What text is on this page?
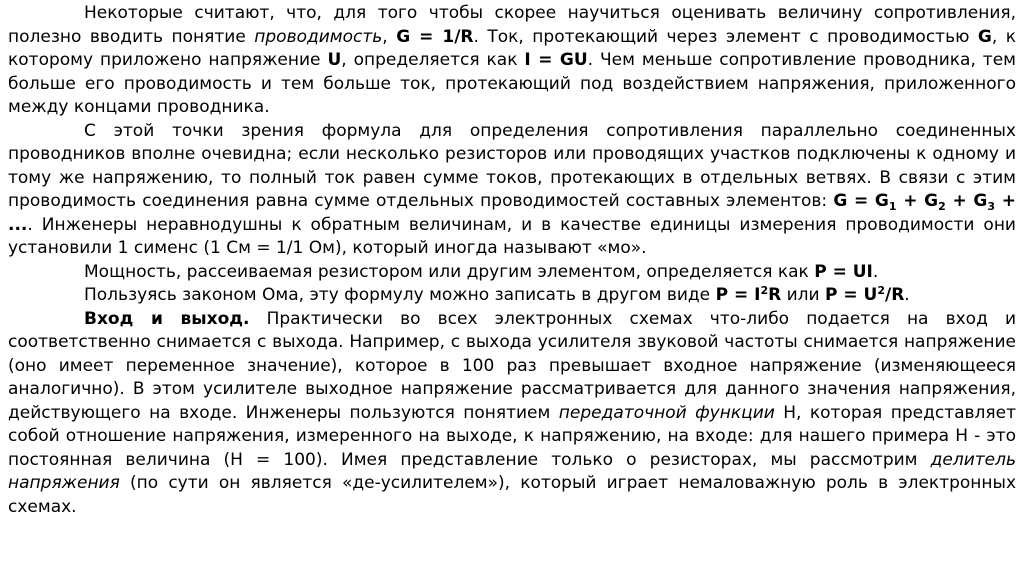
Некоторые считают, что, для того чтобы скорее научиться оценивать величину сопротивления, полезно вводить понятие проводимость, G = 1/R. Ток, протекающий через элемент с проводимостью G, к которому приложено напряжение U, определяется как I = GU. Чем меньше сопротивление проводника, тем больше его проводимость и тем больше ток, протекающий под воздействием напряжения, приложенного между концами проводника.

С этой точки зрения формула для определения сопротивления параллельно соединенных проводников вполне очевидна; если несколько резисторов или проводящих участков подключены к одному и тому же напряжению, то полный ток равен сумме токов, протекающих в отдельных ветвях. В связи с этим проводимость соединения равна сумме отдельных проводимостей составных элементов: $G = G_1 + G_2 + G_3$ + .... Инженеры неравнодушны к обратным величинам, и в качестве единицы измерения проводимости они установили 1 сименс (1 См = 1/1 Ом), который иногда называют «мо».

Мощность, рассеиваемая резистором или другим элементом, определяется как P = UI.

Пользуясь законом Ома, эту формулу можно записать в другом виде $P = I^2R$ или $P = U^2/R$.

Вход и выход. Практически во всех электронных схемах что-либо подается на вход и соответственно снимается с выхода. Например, с выхода усилителя звуковой частоты снимается напряжение (оно имеет переменное значение), которое в 100 раз превышает входное напряжение (изменяющееся аналогично). В этом усилителе выходное напряжение рассматривается для данного значения напряжения, действующего на входе. Инженеры пользуются понятием передаточной функции H, которая представляет собой отношение напряжения, измеренного на выходе, к напряжению, на входе: для нашего примера H - это постоянная величина (H = 100). Имея представление только о резисторах, мы рассмотрим делитель напряжения (по сути он является «де-усилителем»), который играет немаловажную роль в электронных схемах.
